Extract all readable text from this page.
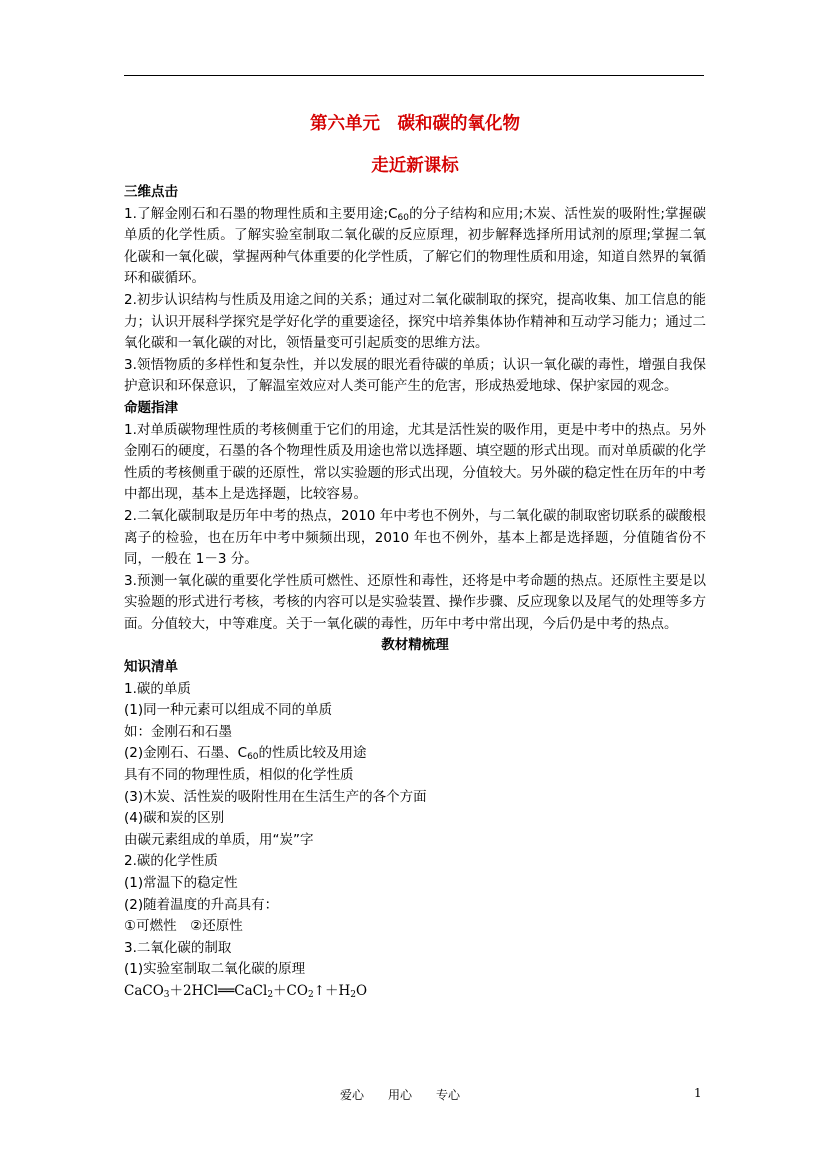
第六单元　碳和碳的氧化物
走近新课标

三维点击

1.了解金刚石和石墨的物理性质和主要用途$;C_{60}$的分子结构和应用;木炭、活性炭的吸附性;掌握碳单质的化学性质。了解实验室制取二氧化碳的反应原理，初步解释选择所用试剂的原理;掌握二氧化碳和一氧化碳，掌握两种气体重要的化学性质，了解它们的物理性质和用途，知道自然界的氧循环和碳循环。

2.初步认识结构与性质及用途之间的关系；通过对二氧化碳制取的探究，提高收集、加工信息的能力；认识开展科学探究是学好化学的重要途径，探究中培养集体协作精神和互动学习能力；通过二氧化碳和一氧化碳的对比，领悟量变可引起质变的思维方法。

3.领悟物质的多样性和复杂性，并以发展的眼光看待碳的单质；认识一氧化碳的毒性，增强自我保护意识和环保意识，了解温室效应对人类可能产生的危害，形成热爱地球、保护家园的观念。

命题指津

1.对单质碳物理性质的考核侧重于它们的用途，尤其是活性炭的吸作用，更是中考中的热点。另外金刚石的硬度，石墨的各个物理性质及用途也常以选择题、填空题的形式出现。而对单质碳的化学性质的考核侧重于碳的还原性，常以实验题的形式出现，分值较大。另外碳的稳定性在历年的中考中都出现，基本上是选择题，比较容易。

2.二氧化碳制取是历年中考的热点，2010 年中考也不例外，与二氧化碳的制取密切联系的碳酸根离子的检验，也在历年中考中频频出现，2010 年也不例外，基本上都是选择题，分值随省份不同，一般在 1－3 分。

3.预测一氧化碳的重要化学性质可燃性、还原性和毒性，还将是中考命题的热点。还原性主要是以实验题的形式进行考核，考核的内容可以是实验装置、操作步骤、反应现象以及尾气的处理等多方面。分值较大，中等难度。关于一氧化碳的毒性，历年中考中常出现，今后仍是中考的热点。

教材精梳理

知识清单

1.碳的单质

(1)同一种元素可以组成不同的单质

如：金刚石和石墨

(2)金刚石、石墨、$C_{60}$的性质比较及用途

具有不同的物理性质，相似的化学性质

(3)木炭、活性炭的吸附性用在生活生产的各个方面

(4)碳和炭的区别

由碳元素组成的单质，用“炭”字

2.碳的化学性质

(1)常温下的稳定性

(2)随着温度的升高具有：

①可燃性　②还原性

3.二氧化碳的制取

(1)实验室制取二氧化碳的原理

$CaCO_3+2HCl══CaCl_2+CO_2↑+H_2O$

爱心　　用心　　专心	1
